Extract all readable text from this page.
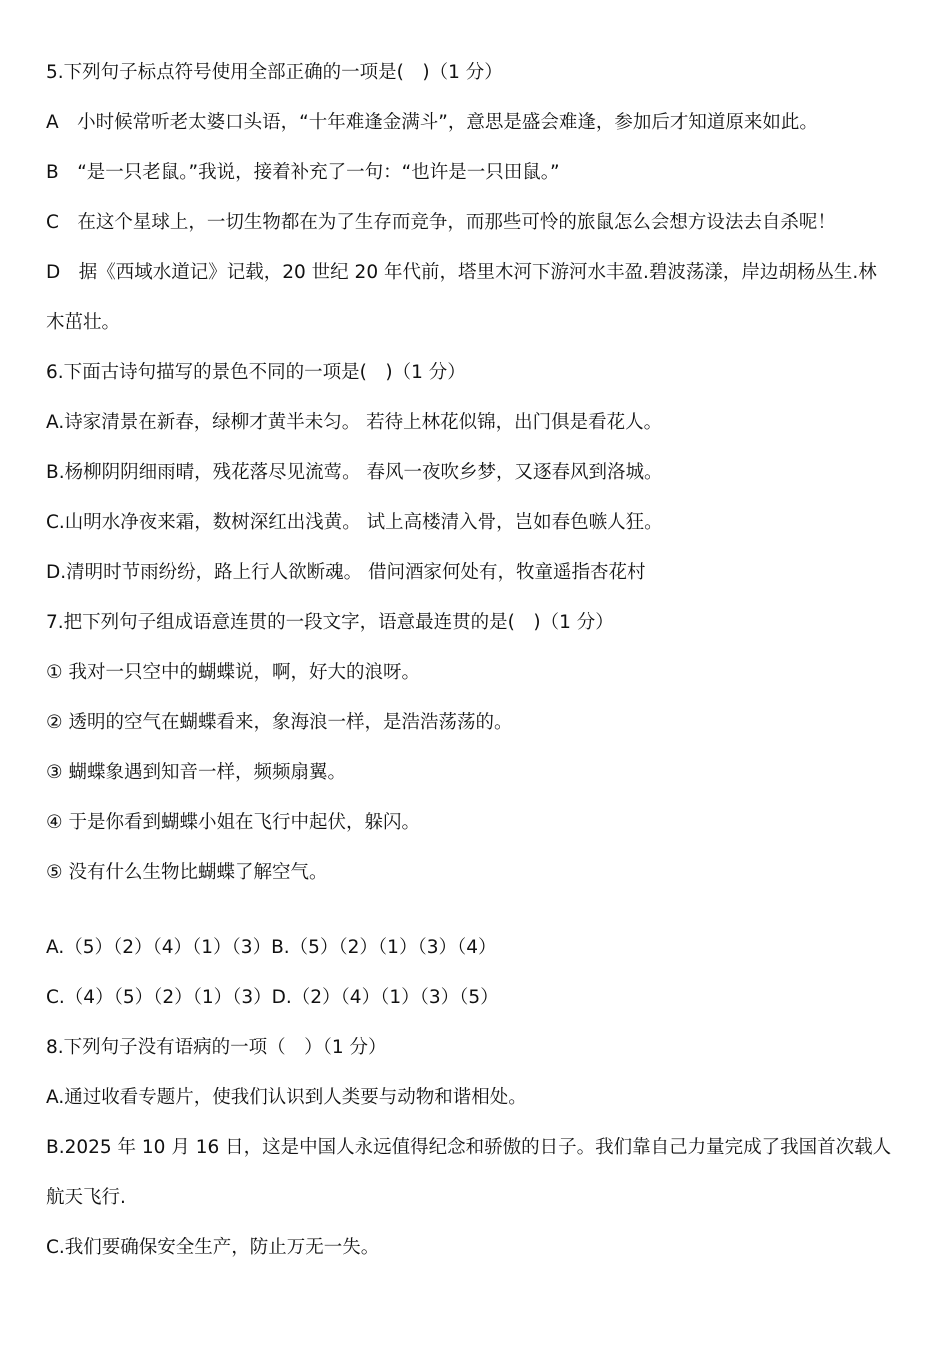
5.下列句子标点符号使用全部正确的一项是(　)（1 分）
A　小时候常听老太婆口头语，“十年难逢金满斗”，意思是盛会难逢，参加后才知道原来如此。
B　“是一只老鼠。”我说，接着补充了一句：“也许是一只田鼠。”
C　在这个星球上，一切生物都在为了生存而竞争，而那些可怜的旅鼠怎么会想方设法去自杀呢！
D　据《西域水道记》记载，20 世纪 20 年代前，塔里木河下游河水丰盈.碧波荡漾，岸边胡杨丛生.林
木茁壮。
6.下面古诗句描写的景色不同的一项是(　)（1 分）
A.诗家清景在新春，绿柳才黄半未匀。 若待上林花似锦，出门俱是看花人。
B.杨柳阴阴细雨晴，残花落尽见流莺。 春风一夜吹乡梦，又逐春风到洛城。
C.山明水净夜来霜，数树深红出浅黄。 试上高楼清入骨，岂如春色嗾人狂。
D.清明时节雨纷纷，路上行人欲断魂。 借问酒家何处有，牧童遥指杏花村
7.把下列句子组成语意连贯的一段文字，语意最连贯的是(　)（1 分）
① 我对一只空中的蝴蝶说，啊，好大的浪呀。
② 透明的空气在蝴蝶看来，象海浪一样，是浩浩荡荡的。
③ 蝴蝶象遇到知音一样，频频扇翼。
④ 于是你看到蝴蝶小姐在飞行中起伏，躲闪。
⑤ 没有什么生物比蝴蝶了解空气。
A.（5）（2）（4）（1）（3）B.（5）（2）（1）（3）（4）
C.（4）（5）（2）（1）（3）D.（2）（4）（1）（3）（5）
8.下列句子没有语病的一项（　）（1 分）
A.通过收看专题片，使我们认识到人类要与动物和谐相处。
B.2025 年 10 月 16 日，这是中国人永远值得纪念和骄傲的日子。我们靠自己力量完成了我国首次载人
航天飞行.
C.我们要确保安全生产，防止万无一失。
